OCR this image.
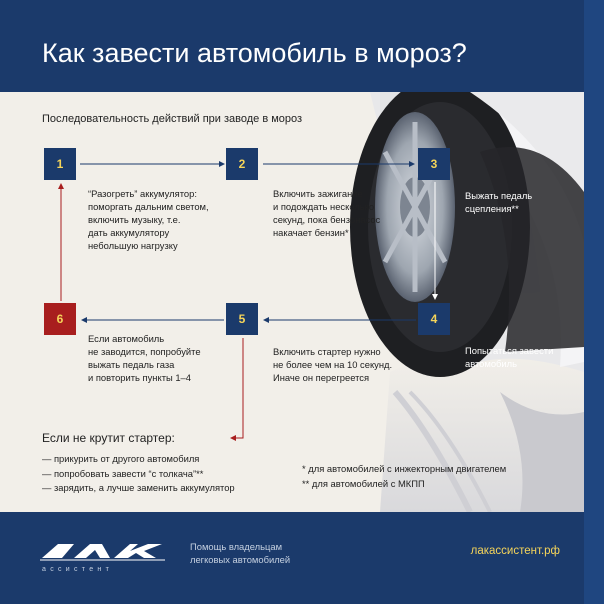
Как завести автомобиль в мороз?
Последовательность действий при заводе в мороз
1	2	3
4
5
6
“Разогреть” аккумулятор:
поморгать дальним светом,
включить музыку, т.е.
дать аккумулятору
небольшую нагрузку
Включить зажигание
и подождать несколько
секунд, пока бензонасос
накачает бензин*
Выжать педаль
сцепления**
Попытаться завести
автомобиль
Включить стартер нужно
не более чем на 10 секунд.
Иначе он перегреется
Если автомобиль
не заводится, попробуйте
выжать педаль газа
и повторить пункты 1–4
Если не крутит стартер:
— прикурить от другого автомобиля
— попробовать завести “с толкача”**
— зарядить, а лучше заменить аккумулятор
* для автомобилей с инжекторным двигателем
** для автомобилей с МКПП
ассистент
Помощь владельцам
легковых автомобилей
лакассистент.рф
